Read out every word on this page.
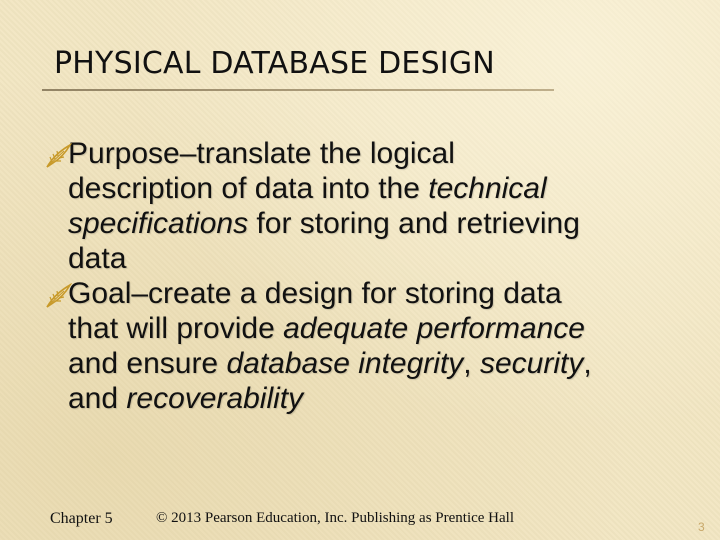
PHYSICAL DATABASE DESIGN
Purpose–translate the logical
description of data into the technical
specifications for storing and retrieving
data
Goal–create a design for storing data
that will provide adequate performance
and ensure database integrity, security,
and recoverability
Chapter 5	© 2013 Pearson Education, Inc. Publishing as Prentice Hall
3
